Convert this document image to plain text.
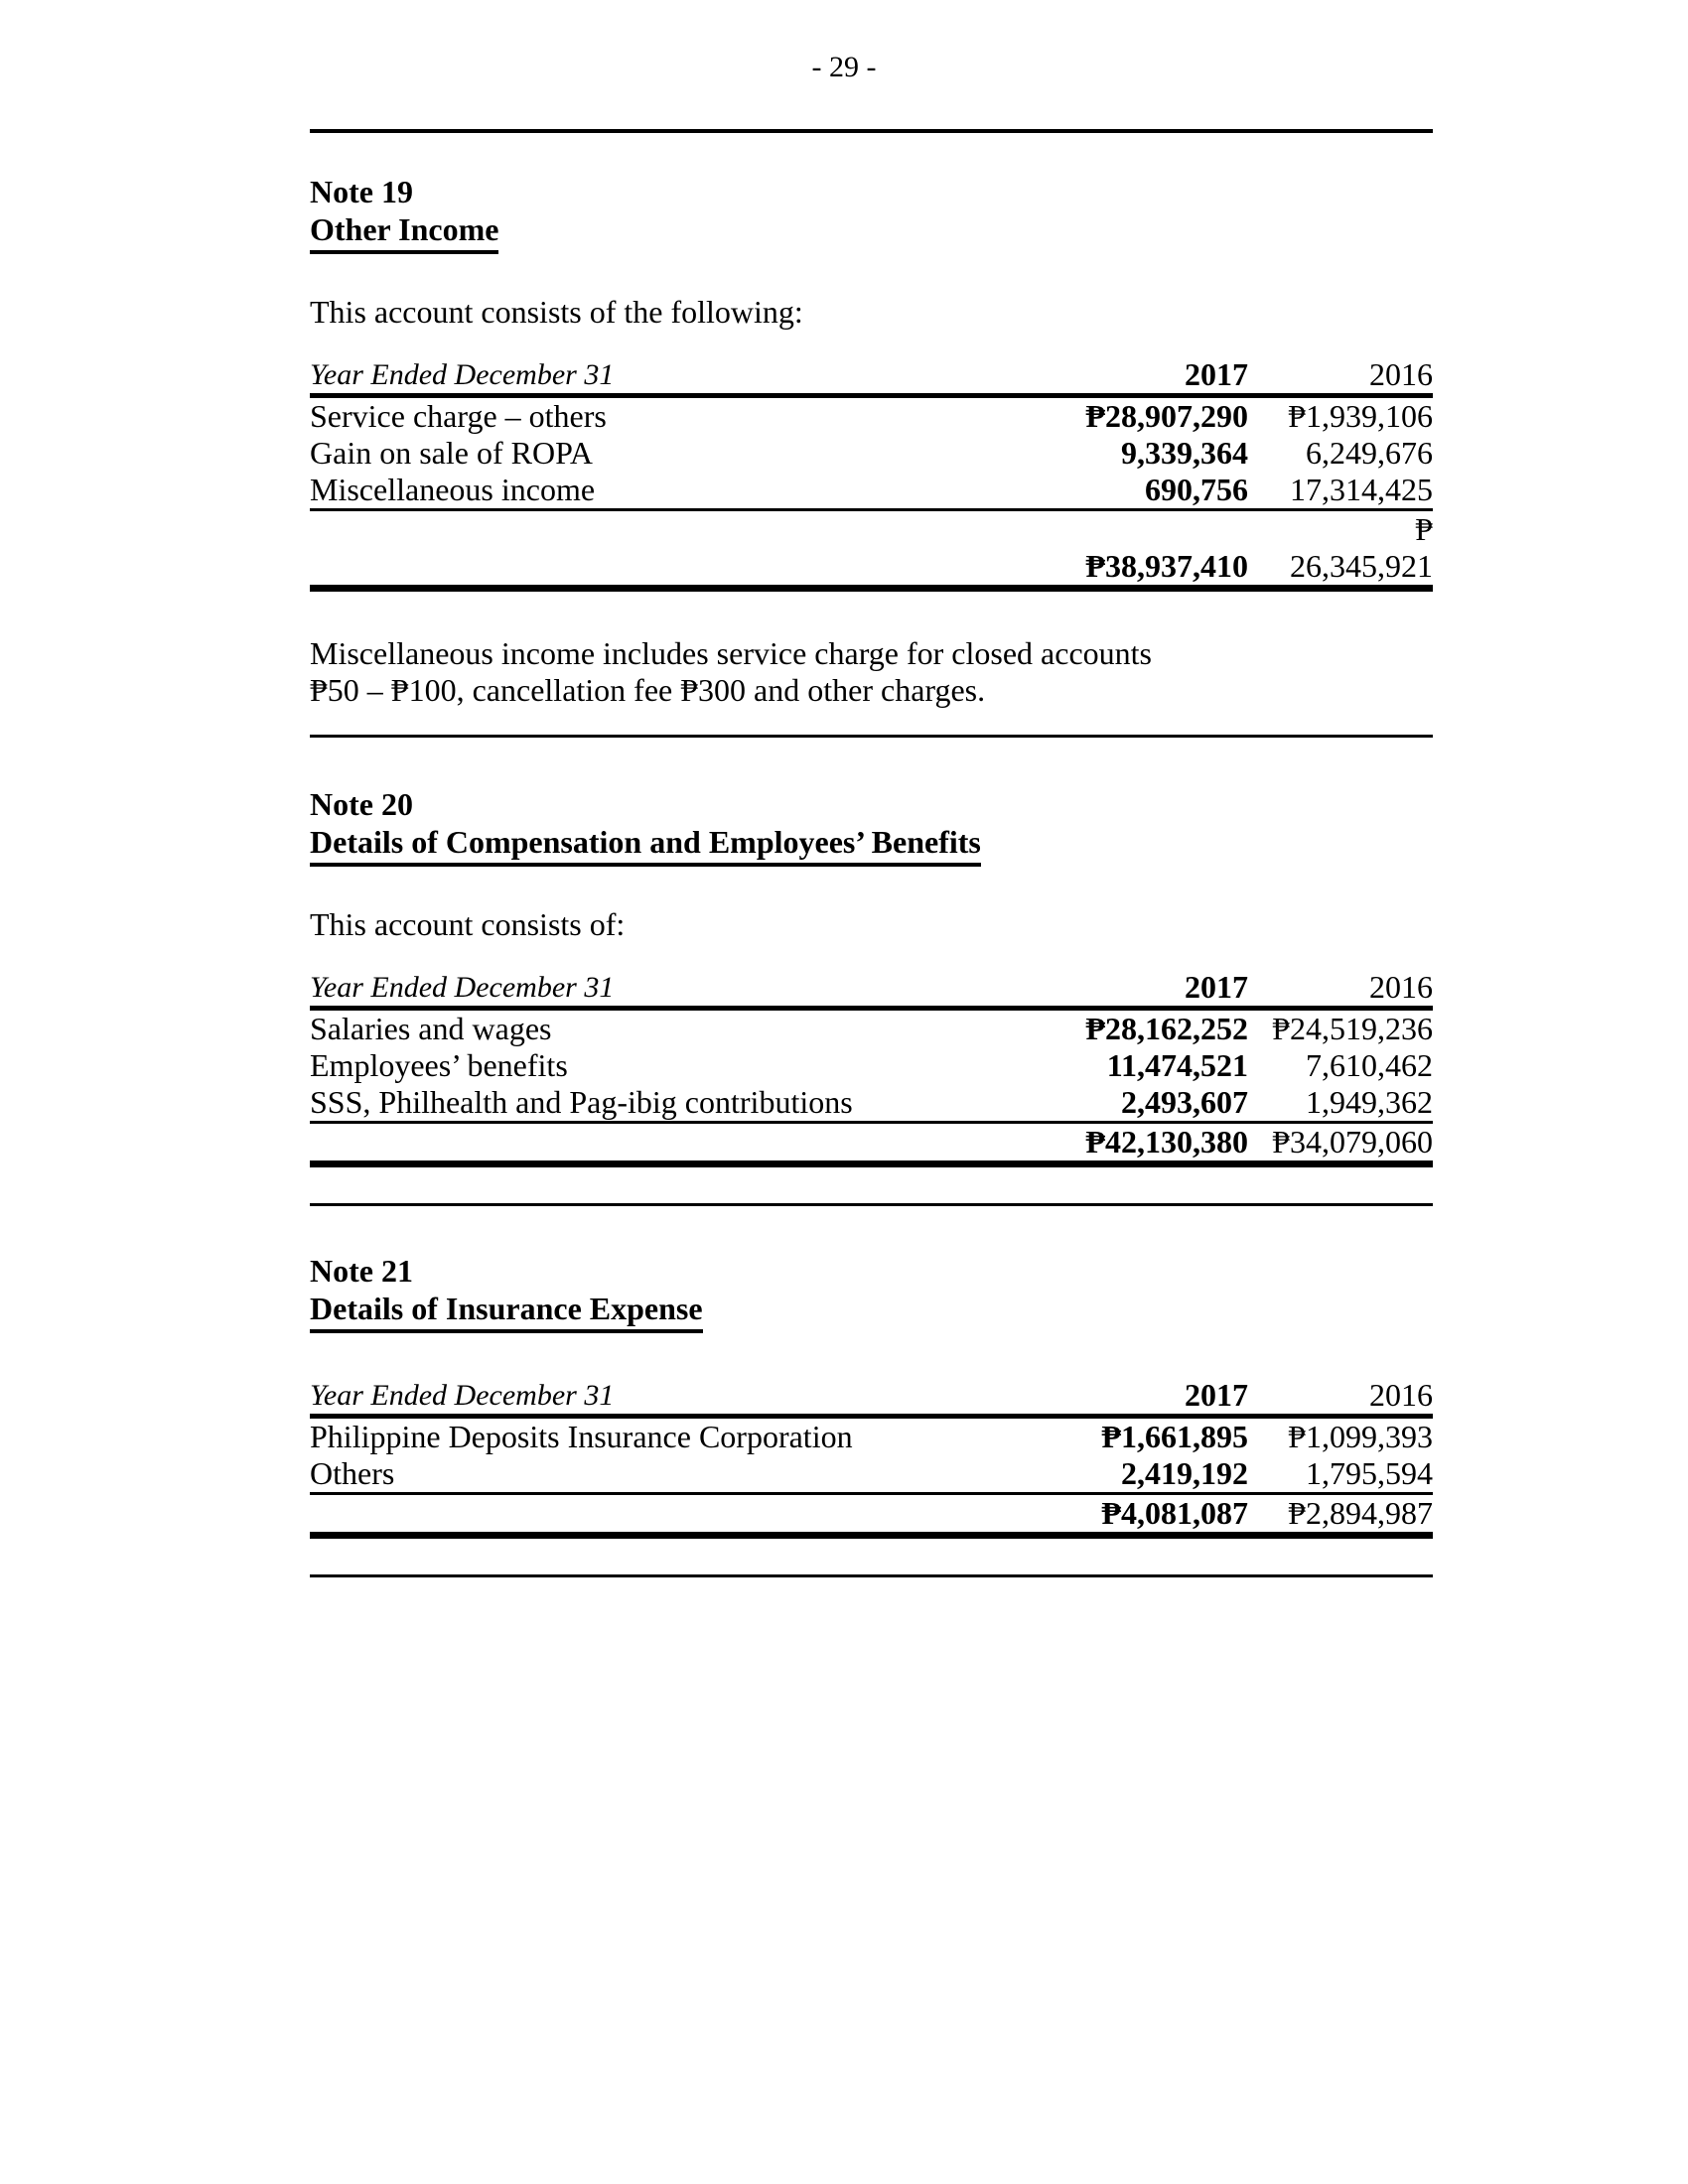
- 29 -
Note 19
Other Income

This account consists of the following:

Year Ended December 31	2017	2016
Service charge – others	₱28,907,290	₱1,939,106
Gain on sale of ROPA	9,339,364	6,249,676
Miscellaneous income	690,756	17,314,425
₱
₱38,937,410	26,345,921

Miscellaneous income includes service charge for closed accounts ₱50 – ₱100, cancellation fee ₱300 and other charges.

Note 20
Details of Compensation and Employees’ Benefits

This account consists of:

Year Ended December 31	2017	2016
Salaries and wages	₱28,162,252 ₱24,519,236
Employees’ benefits	11,474,521	7,610,462
SSS, Philhealth and Pag-ibig contributions	2,493,607	1,949,362
₱42,130,380 ₱34,079,060
Note 21
Details of Insurance Expense
Year Ended December 31	2017	2016
Philippine Deposits Insurance Corporation	₱1,661,895	₱1,099,393
Others	2,419,192	1,795,594
₱4,081,087	₱2,894,987
